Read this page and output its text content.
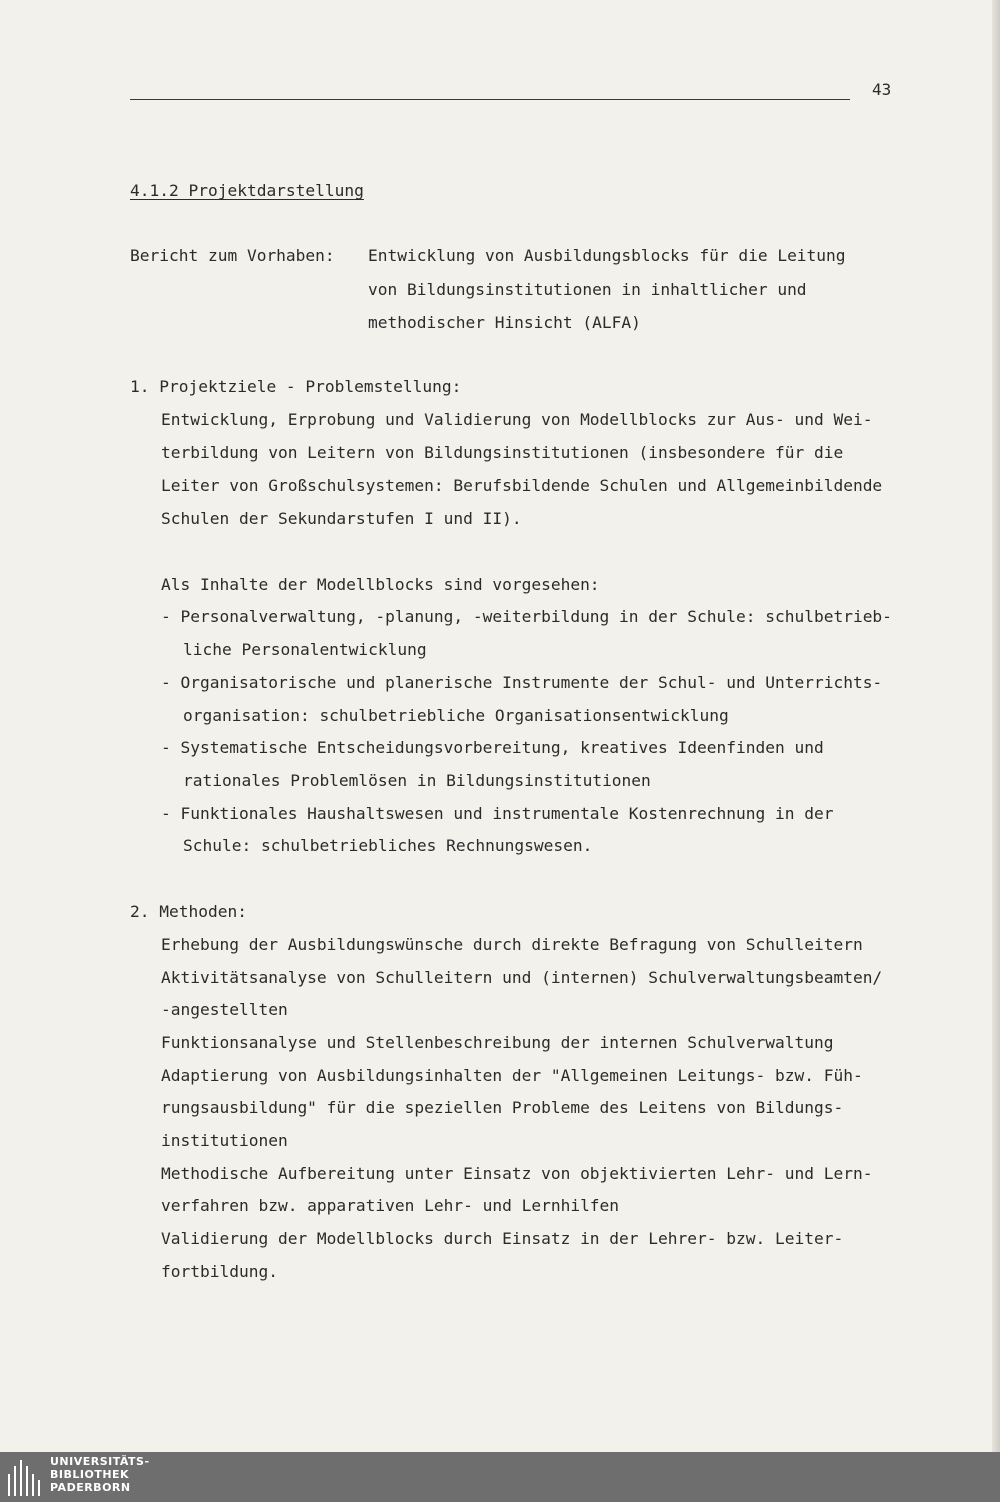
43
4.1.2 Projektdarstellung
Bericht zum Vorhaben: Entwicklung von Ausbildungsblocks für die Leitung
von Bildungsinstitutionen in inhaltlicher und
methodischer Hinsicht (ALFA)
1. Projektziele - Problemstellung:
Entwicklung, Erprobung und Validierung von Modellblocks zur Aus- und Wei-
terbildung von Leitern von Bildungsinstitutionen (insbesondere für die
Leiter von Großschulsystemen: Berufsbildende Schulen und Allgemeinbildende
Schulen der Sekundarstufen I und II).
Als Inhalte der Modellblocks sind vorgesehen:
- Personalverwaltung, -planung, -weiterbildung in der Schule: schulbetrieb-
liche Personalentwicklung
- Organisatorische und planerische Instrumente der Schul- und Unterrichts-
organisation: schulbetriebliche Organisationsentwicklung
- Systematische Entscheidungsvorbereitung, kreatives Ideenfinden und
rationales Problemlösen in Bildungsinstitutionen
- Funktionales Haushaltswesen und instrumentale Kostenrechnung in der
Schule: schulbetriebliches Rechnungswesen.
2. Methoden:
Erhebung der Ausbildungswünsche durch direkte Befragung von Schulleitern
Aktivitätsanalyse von Schulleitern und (internen) Schulverwaltungsbeamten/
-angestellten
Funktionsanalyse und Stellenbeschreibung der internen Schulverwaltung
Adaptierung von Ausbildungsinhalten der "Allgemeinen Leitungs- bzw. Füh-
rungsausbildung" für die speziellen Probleme des Leitens von Bildungs-
institutionen
Methodische Aufbereitung unter Einsatz von objektivierten Lehr- und Lern-
verfahren bzw. apparativen Lehr- und Lernhilfen
Validierung der Modellblocks durch Einsatz in der Lehrer- bzw. Leiter-
fortbildung.
UNIVERSITÄTS-
BIBLIOTHEK
PADERBORN
